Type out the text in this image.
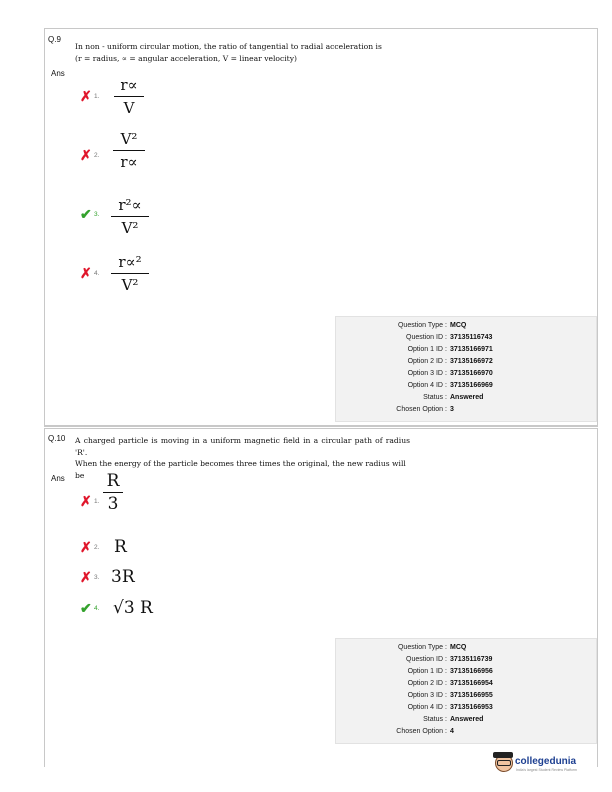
Q.9
In non - uniform circular motion, the ratio of tangential to radial acceleration is
(r = radius, ∝ = angular acceleration, V = linear velocity)
Ans
✗ 1.
r∝
V
✗ 2.
V²
r∝
✔ 3.
r²∝
V²
✗ 4.
r∝²
V²
Question Type : MCQ
Question ID : 37135116743
Option 1 ID : 37135166971
Option 2 ID : 37135166972
Option 3 ID : 37135166970
Option 4 ID : 37135166969
Status : Answered
Chosen Option : 3
Q.10 A charged particle is moving in a uniform magnetic field in a circular path of radius 'R'.
When the energy of the particle becomes three times the original, the new radius will
be
Ans
✗ 1.
R
3
✗ 2. R
✗ 3. 3R
✔ 4. √3 R
Question Type : MCQ
Question ID : 37135116739
Option 1 ID : 37135166956
Option 2 ID : 37135166954
Option 3 ID : 37135166955
Option 4 ID : 37135166953
Status : Answered
Chosen Option : 4
collegedunia
India's largest Student Review Platform
